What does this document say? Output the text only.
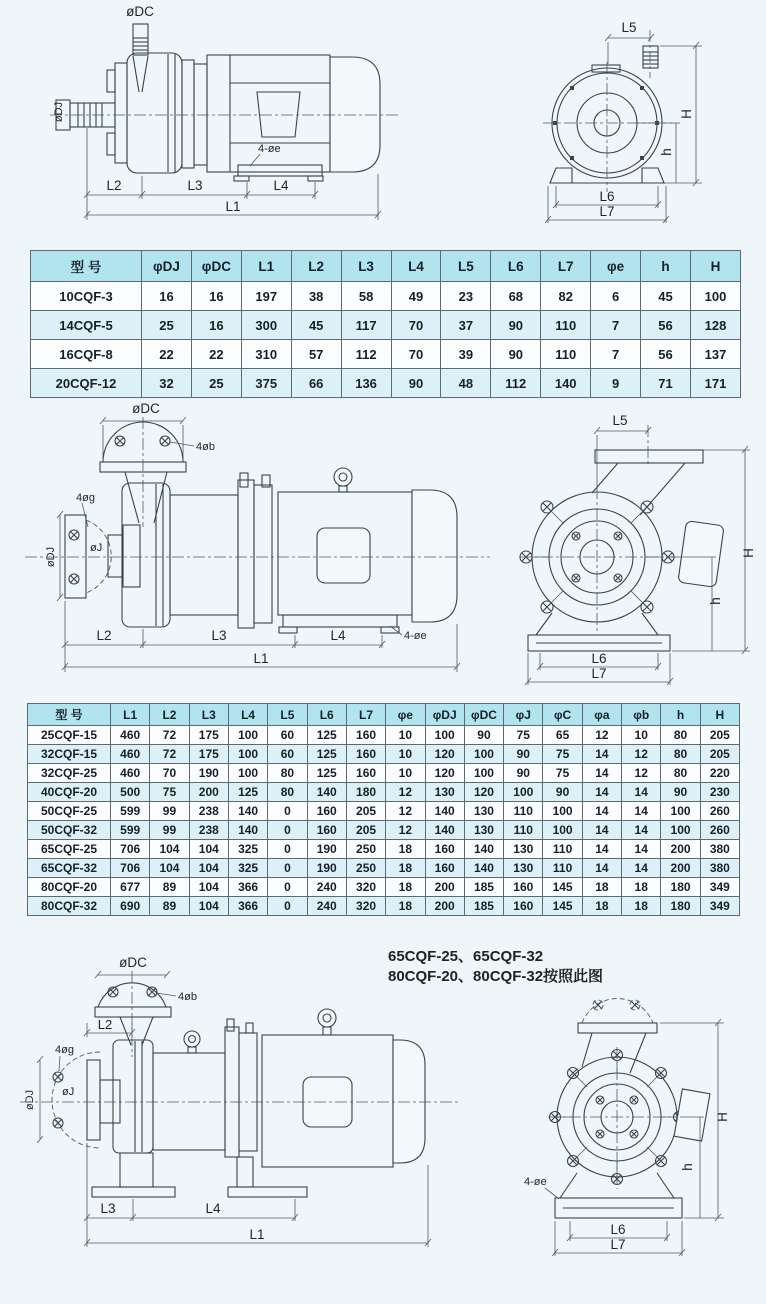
øDC
øDJ
4-øe
L2	L3	L4
L1
L5
H
h
L6
L7
型 号	φDJ	φDC	L1	L2	L3	L4	L5	L6	L7	φe	h	H
10CQF-3	16	16	197	38	58	49	23	68	82	6	45	100
14CQF-5	25	16	300	45	117	70	37	90	110	7	56	128
16CQF-8	22	22	310	57	112	70	39	90	110	7	56	137
20CQF-12	32	25	375	66	136	90	48	112	140	9	71	171
øDC
4øb
4øg
øJ
øDJ
4-øe
L2	L3	L4
L1
L5
H
h
L6
L7
型 号	L1	L2	L3	L4	L5	L6	L7	φe	φDJ	φDC	φJ	φC	φa	φb	h	H
25CQF-15	460	72	175	100	60	125	160	10	100	90	75	65	12	10	80	205
32CQF-15	460	72	175	100	60	125	160	10	120	100	90	75	14	12	80	205
32CQF-25	460	70	190	100	80	125	160	10	120	100	90	75	14	12	80	220
40CQF-20	500	75	200	125	80	140	180	12	130	120	100	90	14	14	90	230
50CQF-25	599	99	238	140	0	160	205	12	140	130	110	100	14	14	100	260
50CQF-32	599	99	238	140	0	160	205	12	140	130	110	100	14	14	100	260
65CQF-25	706	104	104	325	0	190	250	18	160	140	130	110	14	14	200	380
65CQF-32	706	104	104	325	0	190	250	18	160	140	130	110	14	14	200	380
80CQF-20	677	89	104	366	0	240	320	18	200	185	160	145	18	18	180	349
80CQF-32	690	89	104	366	0	240	320	18	200	185	160	145	18	18	180	349
65CQF-25、65CQF-32
80CQF-20、80CQF-32按照此图
øDC
4øb
L2
4øg
øJ
øDJ
L3	L4
L1
4-øe
H
h
L6
L7
